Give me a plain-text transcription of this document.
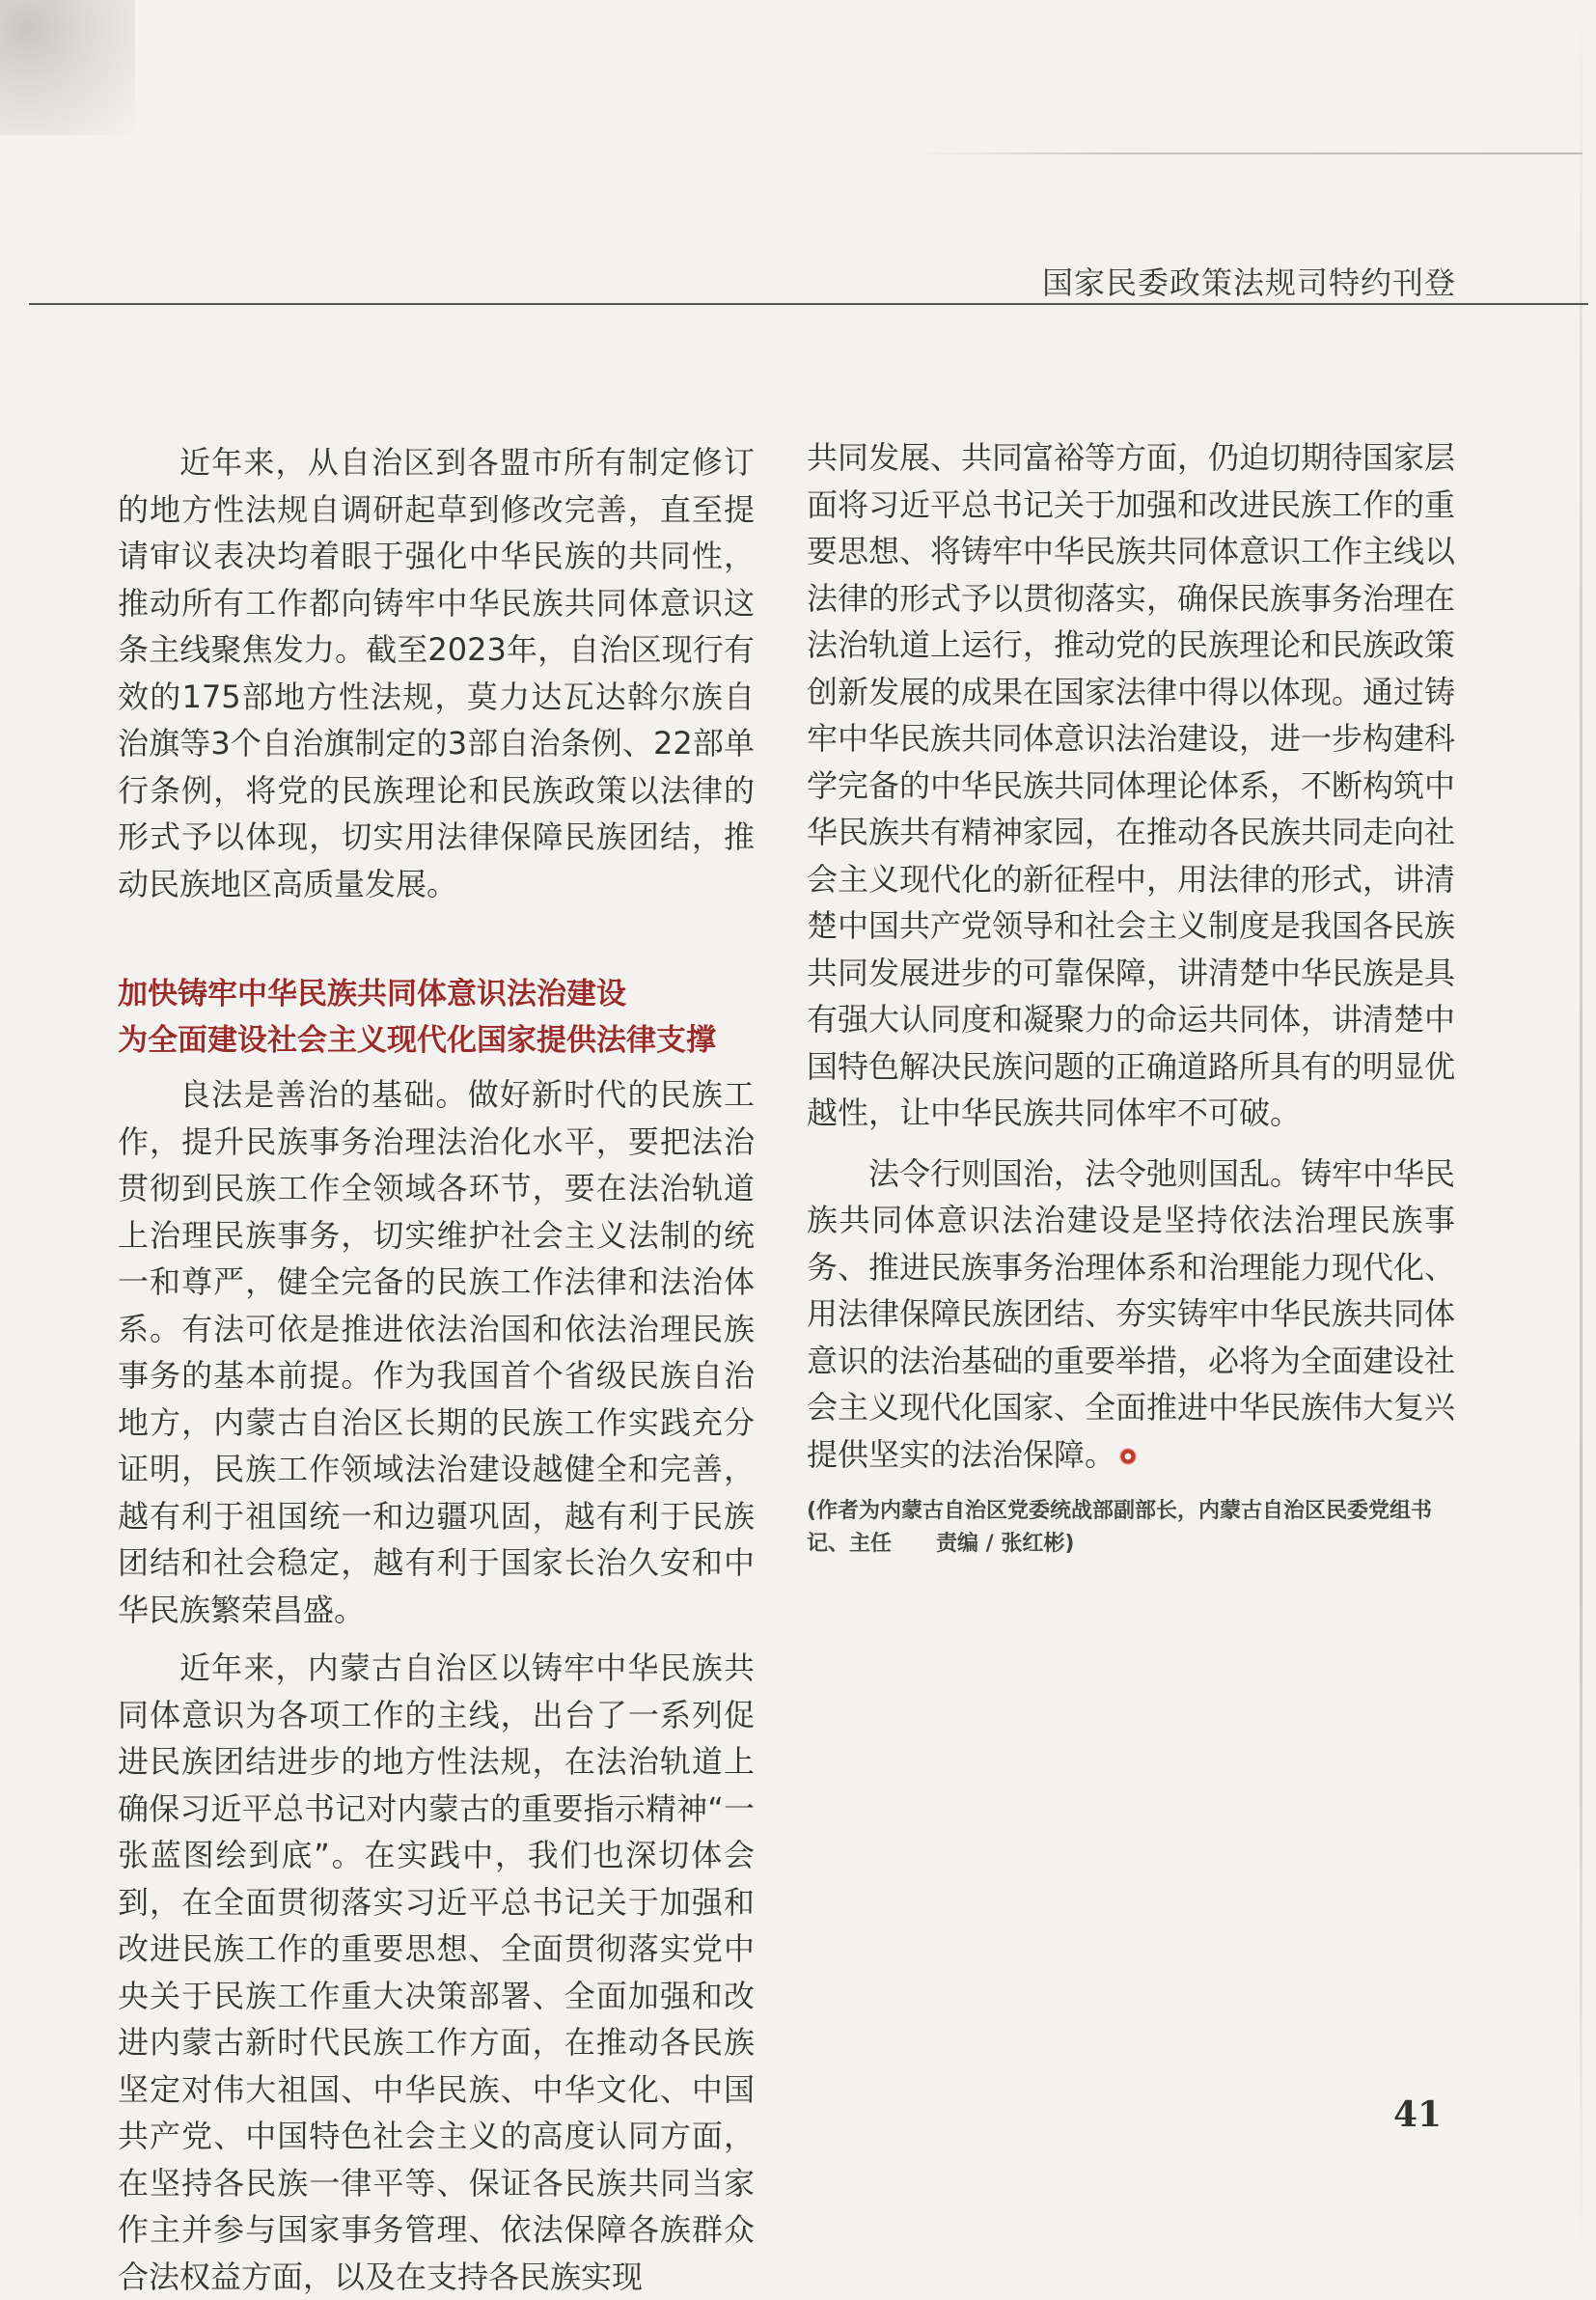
国家民委政策法规司特约刊登

近年来，从自治区到各盟市所有制定修订的地方性法规自调研起草到修改完善，直至提请审议表决均着眼于强化中华民族的共同性，推动所有工作都向铸牢中华民族共同体意识这条主线聚焦发力。截至2023年，自治区现行有效的175部地方性法规，莫力达瓦达斡尔族自治旗等3个自治旗制定的3部自治条例、22部单行条例，将党的民族理论和民族政策以法律的形式予以体现，切实用法律保障民族团结，推动民族地区高质量发展。

加快铸牢中华民族共同体意识法治建设
为全面建设社会主义现代化国家提供法律支撑

良法是善治的基础。做好新时代的民族工作，提升民族事务治理法治化水平，要把法治贯彻到民族工作全领域各环节，要在法治轨道上治理民族事务，切实维护社会主义法制的统一和尊严，健全完备的民族工作法律和法治体系。有法可依是推进依法治国和依法治理民族事务的基本前提。作为我国首个省级民族自治地方，内蒙古自治区长期的民族工作实践充分证明，民族工作领域法治建设越健全和完善，越有利于祖国统一和边疆巩固，越有利于民族团结和社会稳定，越有利于国家长治久安和中华民族繁荣昌盛。

近年来，内蒙古自治区以铸牢中华民族共同体意识为各项工作的主线，出台了一系列促进民族团结进步的地方性法规，在法治轨道上确保习近平总书记对内蒙古的重要指示精神“一张蓝图绘到底”。在实践中，我们也深切体会到，在全面贯彻落实习近平总书记关于加强和改进民族工作的重要思想、全面贯彻落实党中央关于民族工作重大决策部署、全面加强和改进内蒙古新时代民族工作方面，在推动各民族坚定对伟大祖国、中华民族、中华文化、中国共产党、中国特色社会主义的高度认同方面，在坚持各民族一律平等、保证各民族共同当家作主并参与国家事务管理、依法保障各族群众合法权益方面，以及在支持各民族实现

共同发展、共同富裕等方面，仍迫切期待国家层面将习近平总书记关于加强和改进民族工作的重要思想、将铸牢中华民族共同体意识工作主线以法律的形式予以贯彻落实，确保民族事务治理在法治轨道上运行，推动党的民族理论和民族政策创新发展的成果在国家法律中得以体现。通过铸牢中华民族共同体意识法治建设，进一步构建科学完备的中华民族共同体理论体系，不断构筑中华民族共有精神家园，在推动各民族共同走向社会主义现代化的新征程中，用法律的形式，讲清楚中国共产党领导和社会主义制度是我国各民族共同发展进步的可靠保障，讲清楚中华民族是具有强大认同度和凝聚力的命运共同体，讲清楚中国特色解决民族问题的正确道路所具有的明显优越性，让中华民族共同体牢不可破。

法令行则国治，法令弛则国乱。铸牢中华民族共同体意识法治建设是坚持依法治理民族事务、推进民族事务治理体系和治理能力现代化、用法律保障民族团结、夯实铸牢中华民族共同体意识的法治基础的重要举措，必将为全面建设社会主义现代化国家、全面推进中华民族伟大复兴提供坚实的法治保障。

(作者为内蒙古自治区党委统战部副部长，内蒙古自治区民委党组书记、主任 责编 / 张红彬)
41
